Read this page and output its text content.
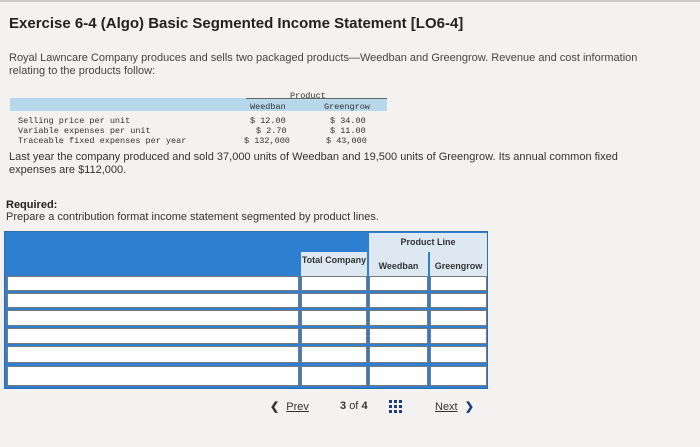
Exercise 6-4 (Algo) Basic Segmented Income Statement [LO6-4]
Royal Lawncare Company produces and sells two packaged products—Weedban and Greengrow. Revenue and cost information relating to the products follow:
Product
Weedban	Greengrow
Selling price per unit	$ 12.00	$ 34.00
Variable expenses per unit	$ 2.70	$ 11.00
Traceable fixed expenses per year	$ 132,000	$ 43,000
Last year the company produced and sold 37,000 units of Weedban and 19,500 units of Greengrow. Its annual common fixed expenses are $112,000.
Required:
Prepare a contribution format income statement segmented by product lines.
Product Line
Total Company
Weedban	Greengrow
❮ Prev	3 of 4	Next ❯
